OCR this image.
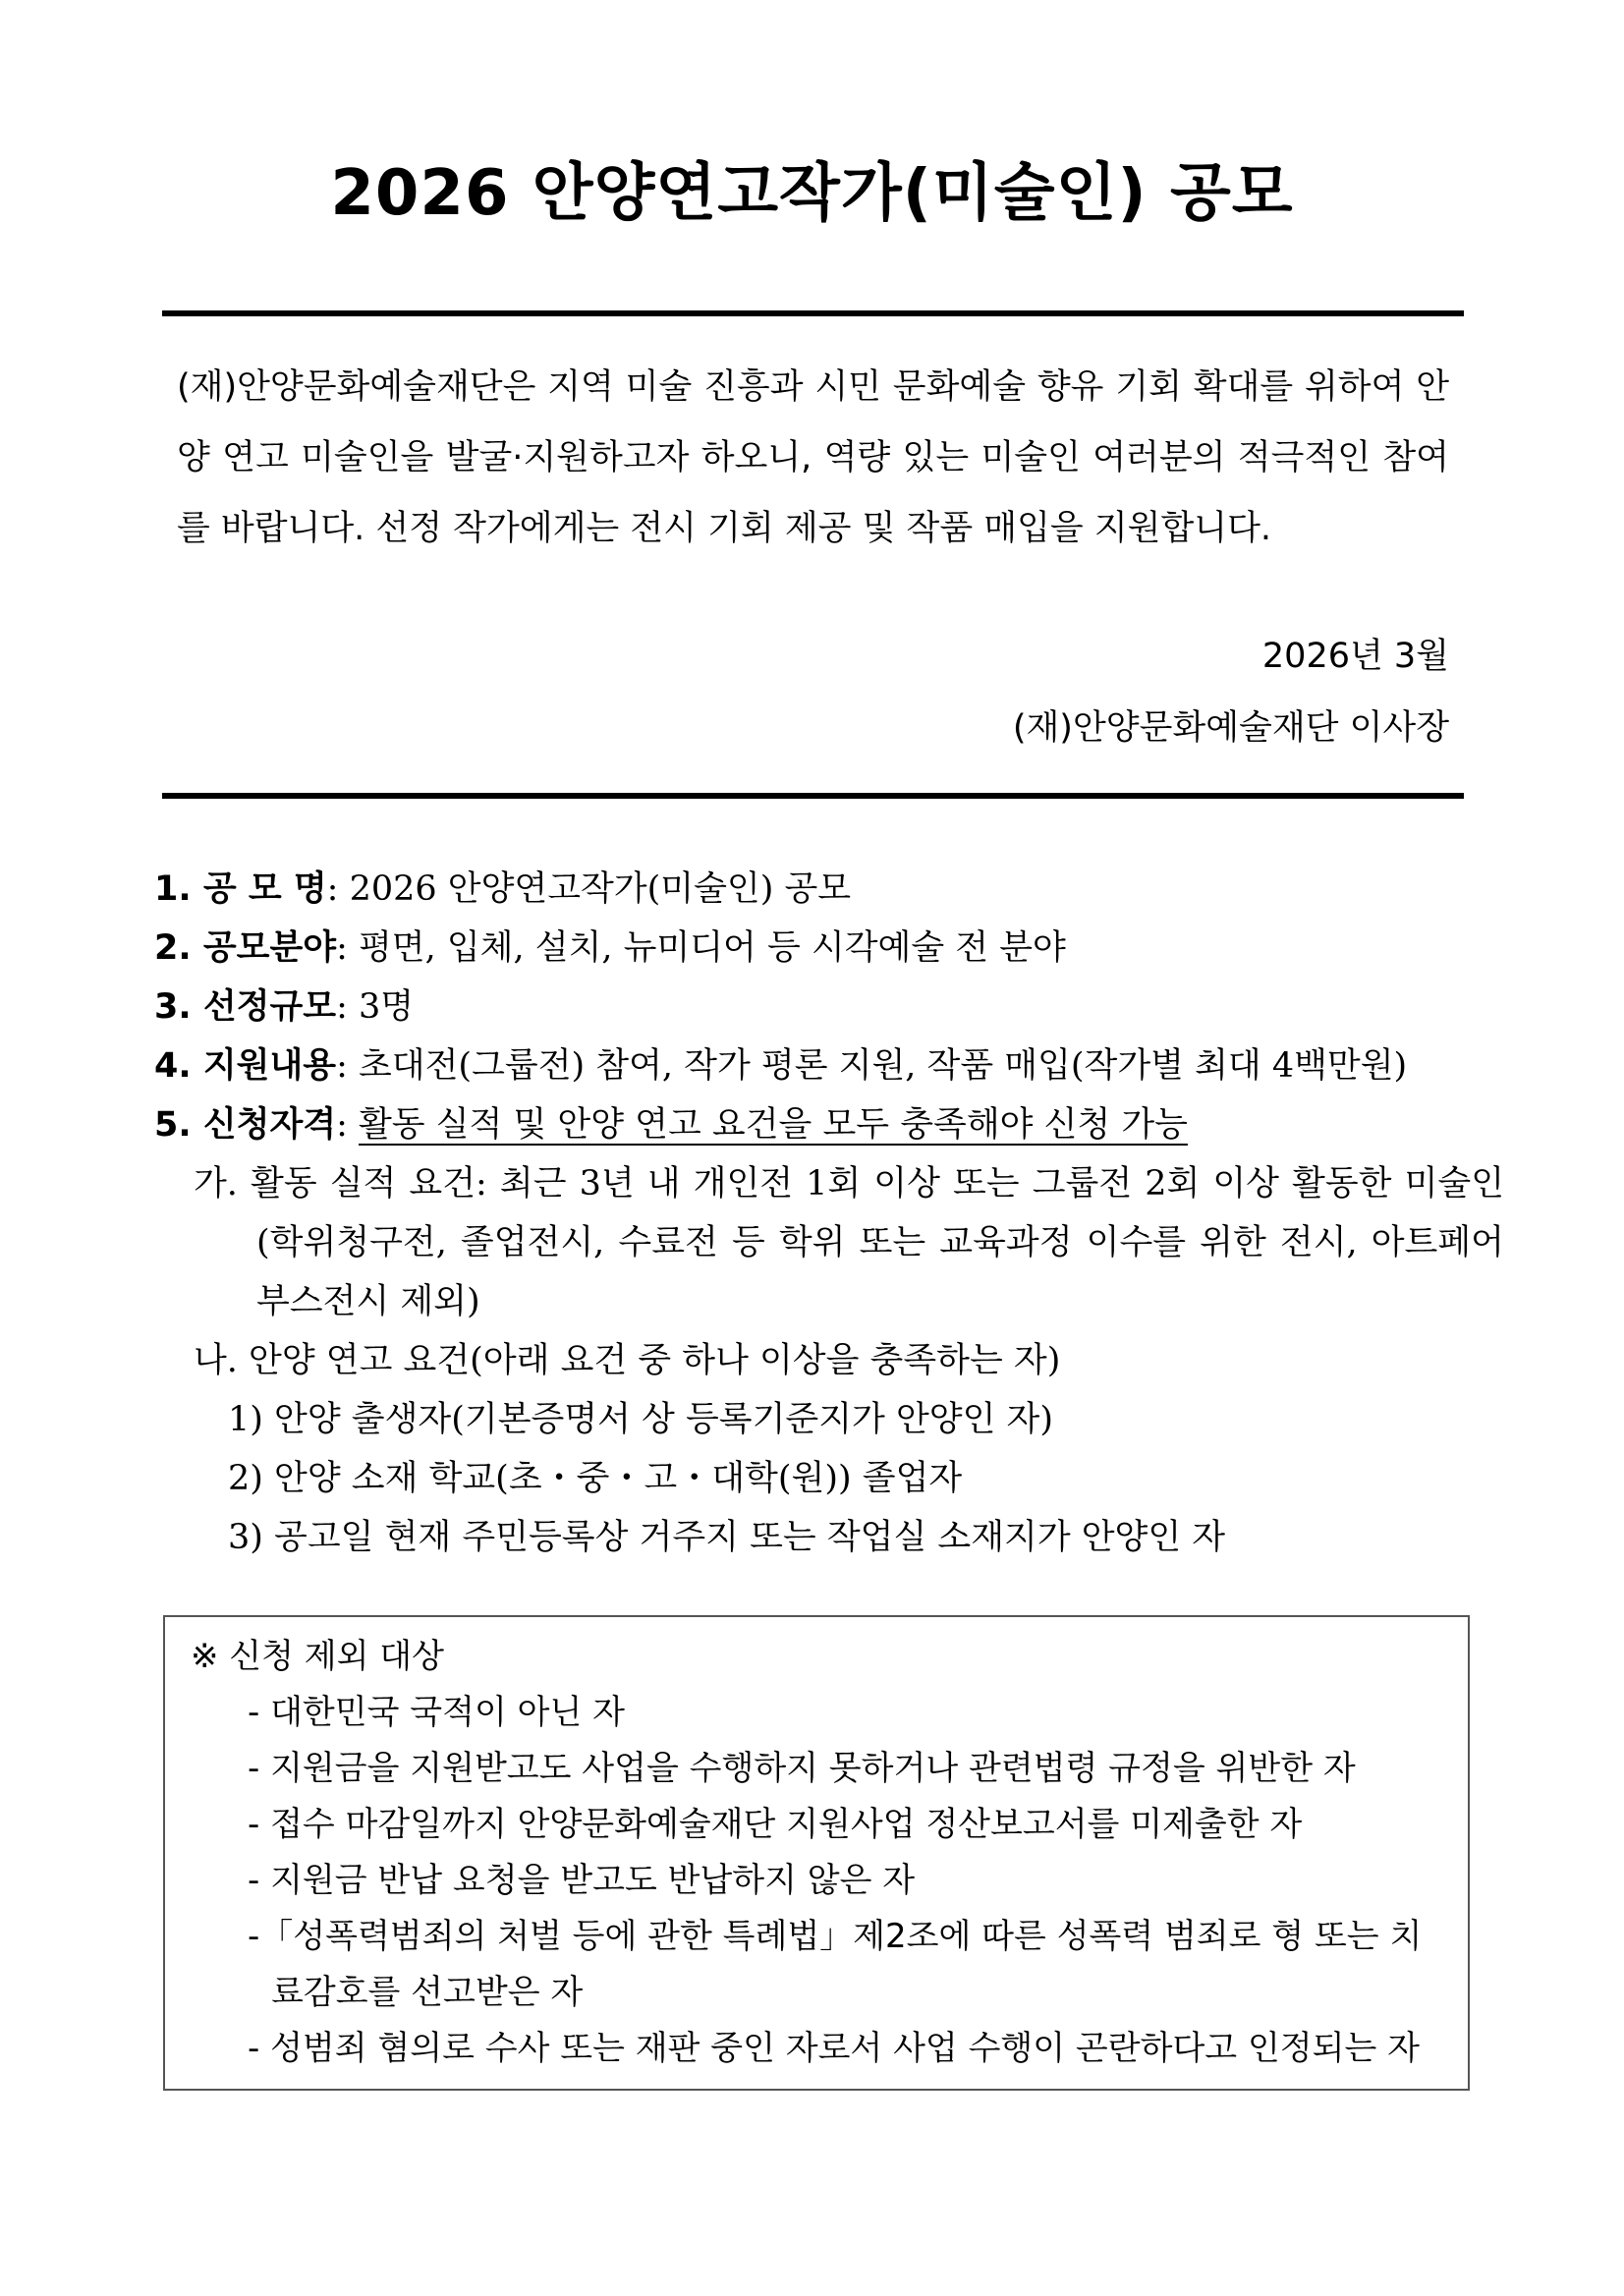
2026 안양연고작가(미술인) 공모
(재)안양문화예술재단은 지역 미술 진흥과 시민 문화예술 향유 기회 확대를 위하여 안양 연고 미술인을 발굴·지원하고자 하오니, 역량 있는 미술인 여러분의 적극적인 참여를 바랍니다. 선정 작가에게는 전시 기회 제공 및 작품 매입을 지원합니다.
2026년 3월
(재)안양문화예술재단 이사장
1. 공 모 명: 2026 안양연고작가(미술인) 공모
2. 공모분야: 평면, 입체, 설치, 뉴미디어 등 시각예술 전 분야
3. 선정규모: 3명
4. 지원내용: 초대전(그룹전) 참여, 작가 평론 지원, 작품 매입(작가별 최대 4백만원)
5. 신청자격: 활동 실적 및 안양 연고 요건을 모두 충족해야 신청 가능
가. 활동 실적 요건: 최근 3년 내 개인전 1회 이상 또는 그룹전 2회 이상 활동한 미술인(학위청구전, 졸업전시, 수료전 등 학위 또는 교육과정 이수를 위한 전시, 아트페어 부스전시 제외)
나. 안양 연고 요건(아래 요건 중 하나 이상을 충족하는 자)
1) 안양 출생자(기본증명서 상 등록기준지가 안양인 자)
2) 안양 소재 학교(초・중・고・대학(원)) 졸업자
3) 공고일 현재 주민등록상 거주지 또는 작업실 소재지가 안양인 자
※ 신청 제외 대상
- 대한민국 국적이 아닌 자
- 지원금을 지원받고도 사업을 수행하지 못하거나 관련법령 규정을 위반한 자
- 접수 마감일까지 안양문화예술재단 지원사업 정산보고서를 미제출한 자
- 지원금 반납 요청을 받고도 반납하지 않은 자
-「성폭력범죄의 처벌 등에 관한 특례법」제2조에 따른 성폭력 범죄로 형 또는 치료감호를 선고받은 자
- 성범죄 혐의로 수사 또는 재판 중인 자로서 사업 수행이 곤란하다고 인정되는 자
